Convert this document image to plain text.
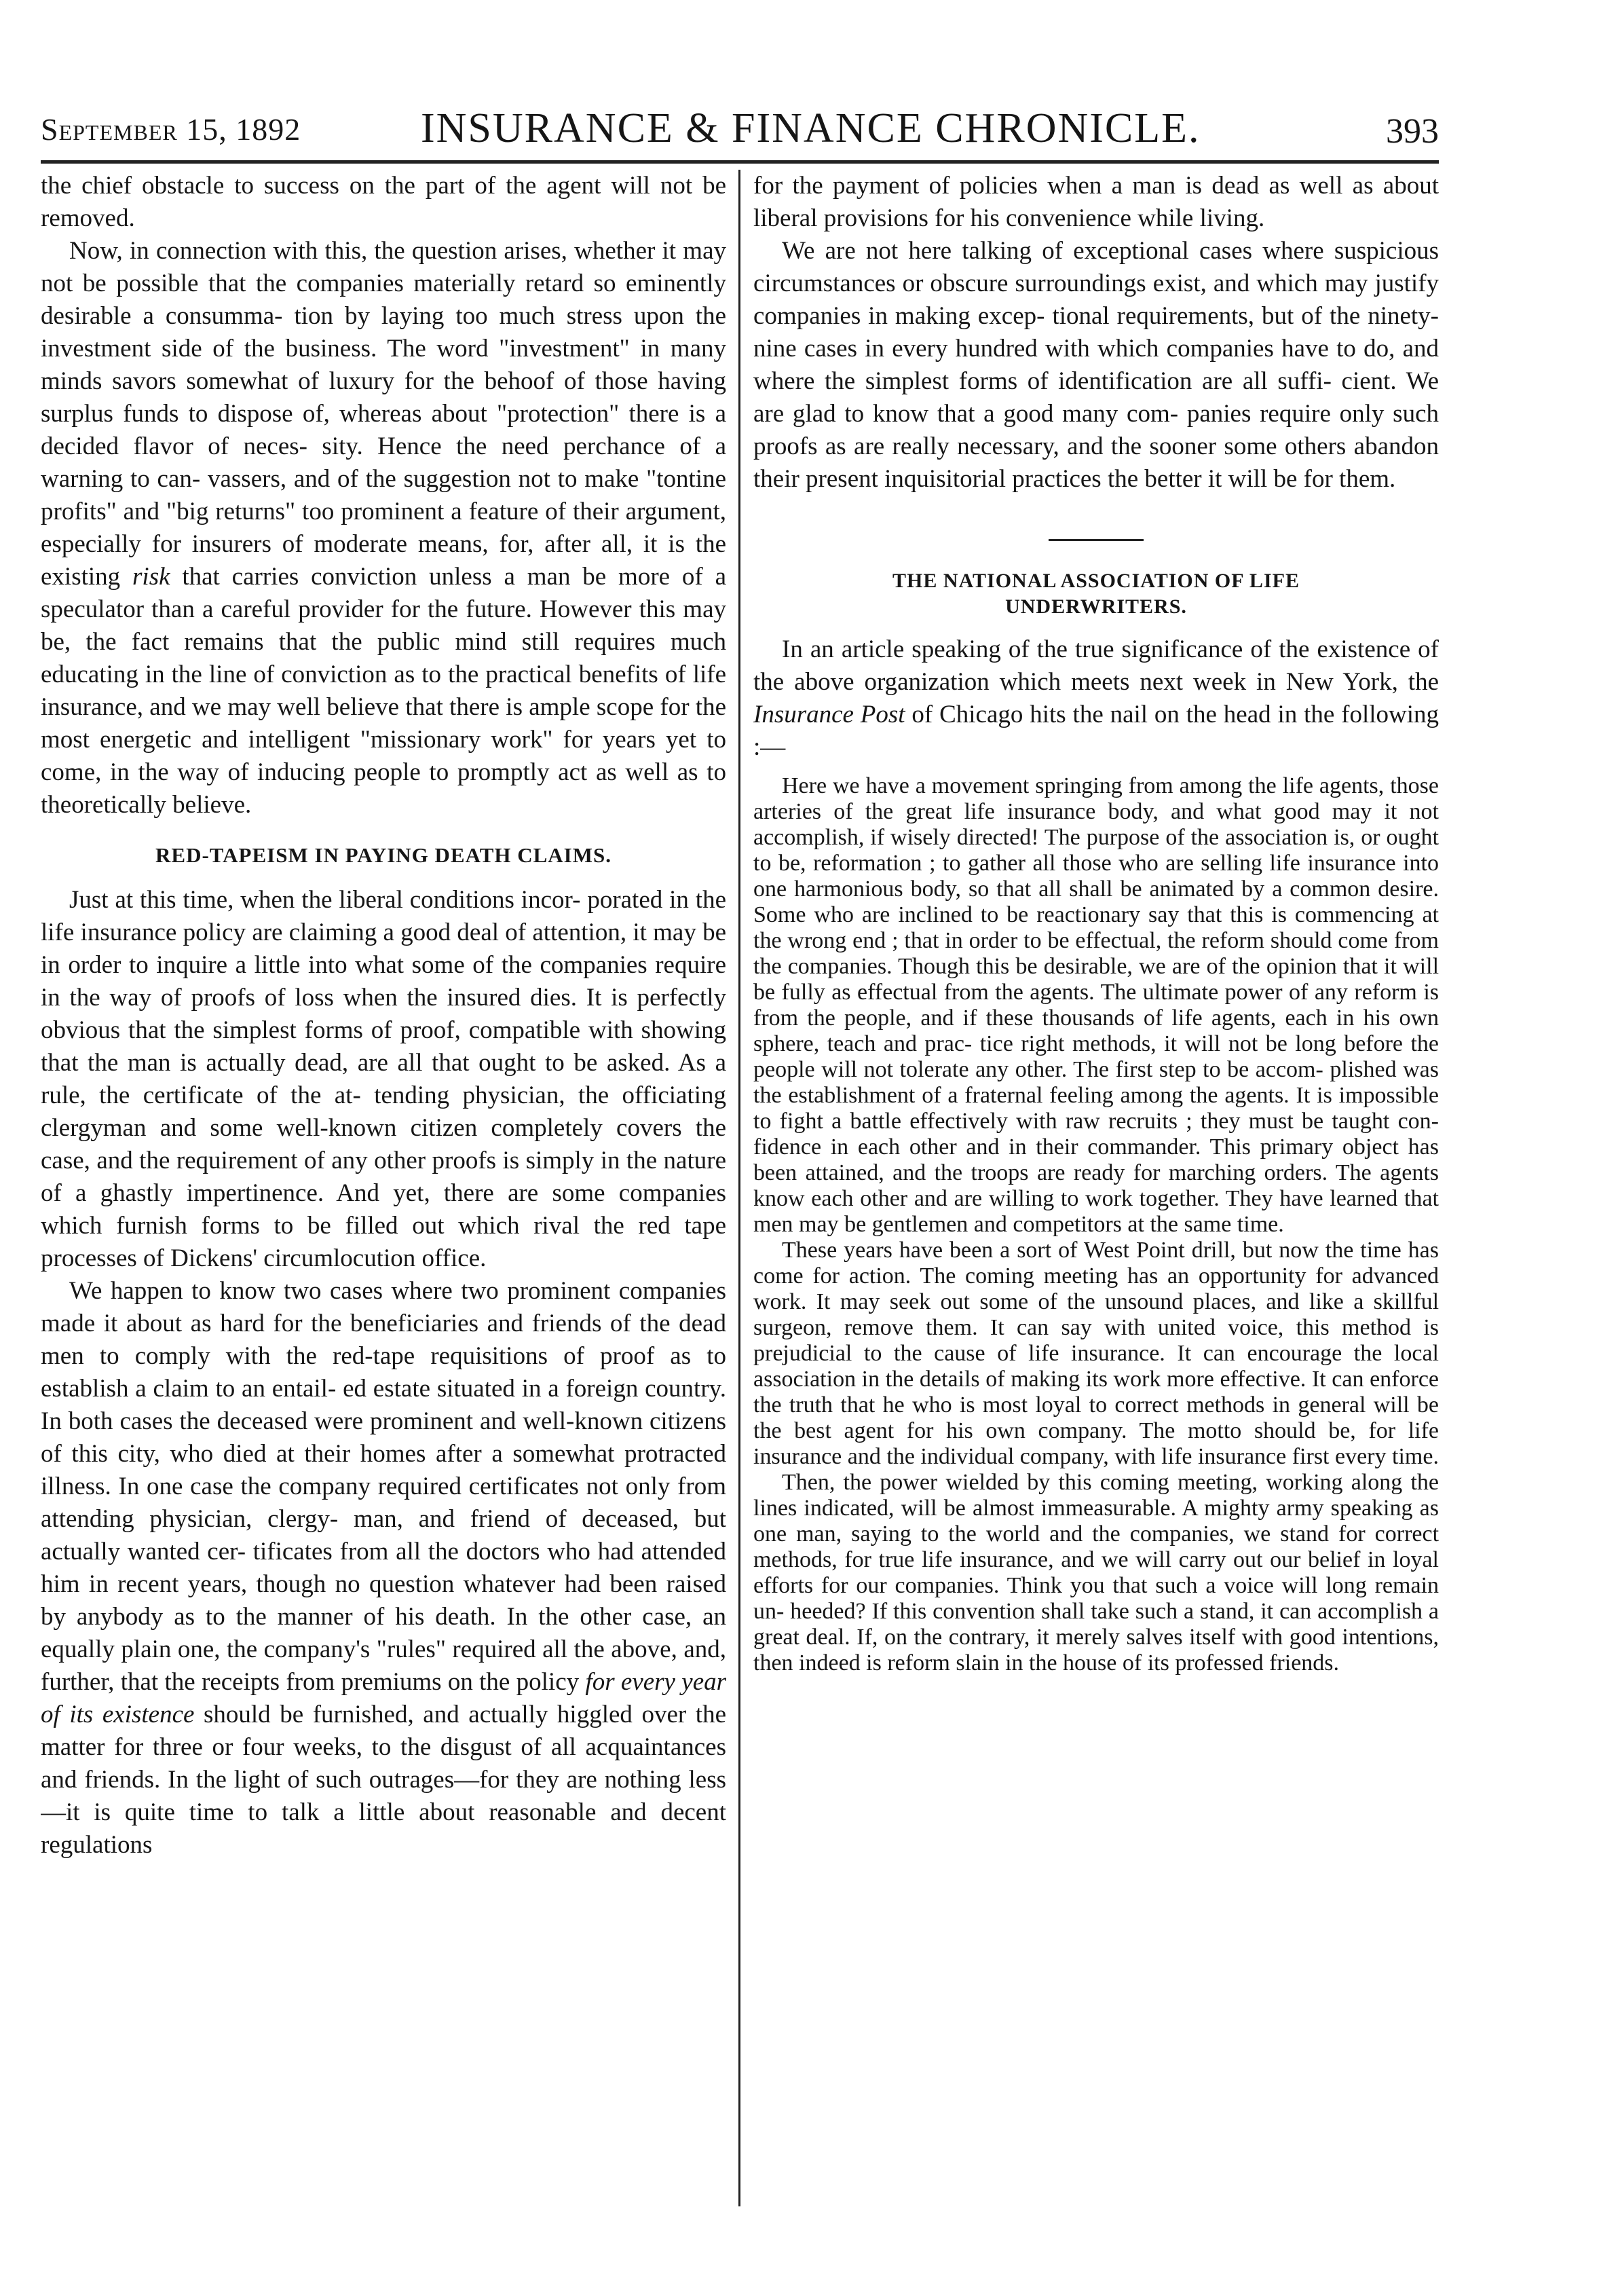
September 15, 1892	INSURANCE & FINANCE CHRONICLE.	393

the chief obstacle to success on the part of the agent will not be removed.

Now, in connection with this, the question arises, whether it may not be possible that the companies materially retard so eminently desirable a consumma- tion by laying too much stress upon the investment side of the business. The word "investment" in many minds savors somewhat of luxury for the behoof of those having surplus funds to dispose of, whereas about "protection" there is a decided flavor of neces- sity. Hence the need perchance of a warning to can- vassers, and of the suggestion not to make "tontine profits" and "big returns" too prominent a feature of their argument, especially for insurers of moderate means, for, after all, it is the existing risk that carries conviction unless a man be more of a speculator than a careful provider for the future. However this may be, the fact remains that the public mind still requires much educating in the line of conviction as to the practical benefits of life insurance, and we may well believe that there is ample scope for the most energetic and intelligent "missionary work" for years yet to come, in the way of inducing people to promptly act as well as to theoretically believe.

RED-TAPEISM IN PAYING DEATH CLAIMS.

Just at this time, when the liberal conditions incor- porated in the life insurance policy are claiming a good deal of attention, it may be in order to inquire a little into what some of the companies require in the way of proofs of loss when the insured dies. It is perfectly obvious that the simplest forms of proof, compatible with showing that the man is actually dead, are all that ought to be asked. As a rule, the certificate of the at- tending physician, the officiating clergyman and some well-known citizen completely covers the case, and the requirement of any other proofs is simply in the nature of a ghastly impertinence. And yet, there are some companies which furnish forms to be filled out which rival the red tape processes of Dickens' circumlocution office.

We happen to know two cases where two prominent companies made it about as hard for the beneficiaries and friends of the dead men to comply with the red-tape requisitions of proof as to establish a claim to an entail- ed estate situated in a foreign country. In both cases the deceased were prominent and well-known citizens of this city, who died at their homes after a somewhat protracted illness. In one case the company required certificates not only from attending physician, clergy- man, and friend of deceased, but actually wanted cer- tificates from all the doctors who had attended him in recent years, though no question whatever had been raised by anybody as to the manner of his death. In the other case, an equally plain one, the company's "rules" required all the above, and, further, that the receipts from premiums on the policy for every year of its existence should be furnished, and actually higgled over the matter for three or four weeks, to the disgust of all acquaintances and friends. In the light of such outrages—for they are nothing less—it is quite time to talk a little about reasonable and decent regulations

for the payment of policies when a man is dead as well as about liberal provisions for his convenience while living.

We are not here talking of exceptional cases where suspicious circumstances or obscure surroundings exist, and which may justify companies in making excep- tional requirements, but of the ninety-nine cases in every hundred with which companies have to do, and where the simplest forms of identification are all suffi- cient. We are glad to know that a good many com- panies require only such proofs as are really necessary, and the sooner some others abandon their present inquisitorial practices the better it will be for them.

THE NATIONAL ASSOCIATION OF LIFE
UNDERWRITERS.

In an article speaking of the true significance of the existence of the above organization which meets next week in New York, the Insurance Post of Chicago hits the nail on the head in the following :—

Here we have a movement springing from among the life agents, those arteries of the great life insurance body, and what good may it not accomplish, if wisely directed! The purpose of the association is, or ought to be, reformation ; to gather all those who are selling life insurance into one harmonious body, so that all shall be animated by a common desire. Some who are inclined to be reactionary say that this is commencing at the wrong end ; that in order to be effectual, the reform should come from the companies. Though this be desirable, we are of the opinion that it will be fully as effectual from the agents. The ultimate power of any reform is from the people, and if these thousands of life agents, each in his own sphere, teach and prac- tice right methods, it will not be long before the people will not tolerate any other. The first step to be accom- plished was the establishment of a fraternal feeling among the agents. It is impossible to fight a battle effectively with raw recruits ; they must be taught con- fidence in each other and in their commander. This primary object has been attained, and the troops are ready for marching orders. The agents know each other and are willing to work together. They have learned that men may be gentlemen and competitors at the same time.

These years have been a sort of West Point drill, but now the time has come for action. The coming meeting has an opportunity for advanced work. It may seek out some of the unsound places, and like a skillful surgeon, remove them. It can say with united voice, this method is prejudicial to the cause of life insurance. It can encourage the local association in the details of making its work more effective. It can enforce the truth that he who is most loyal to correct methods in general will be the best agent for his own company. The motto should be, for life insurance and the individual company, with life insurance first every time.

Then, the power wielded by this coming meeting, working along the lines indicated, will be almost immeasurable. A mighty army speaking as one man, saying to the world and the companies, we stand for correct methods, for true life insurance, and we will carry out our belief in loyal efforts for our companies. Think you that such a voice will long remain un- heeded? If this convention shall take such a stand, it can accomplish a great deal. If, on the contrary, it merely salves itself with good intentions, then indeed is reform slain in the house of its professed friends.
